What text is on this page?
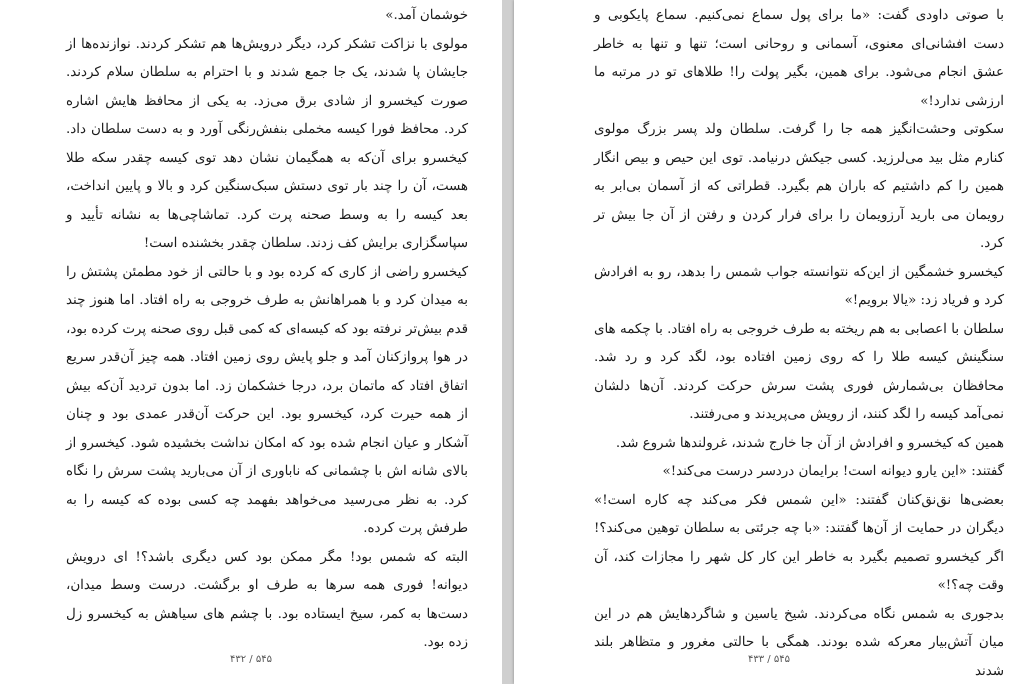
خوشمان آمد.»

مولوی با نزاکت تشکر کرد، دیگر درویش‌ها هم تشکر کردند. نوازنده‌ها از جایشان پا شدند، یک جا جمع شدند و با احترام به سلطان سلام کردند. صورت کیخسرو از شادی برق می‌زد. به یکی از محافظ هایش اشاره کرد. محافظ فورا کیسه مخملی بنفش‌رنگی آورد و به دست سلطان داد. کیخسرو برای آن‌که به همگیمان نشان دهد توی کیسه چقدر سکه طلا هست، آن را چند بار توی دستش سبک‌سنگین کرد و بالا و پایین انداخت، بعد کیسه را به وسط صحنه پرت کرد. تماشاچی‌ها به نشانه تأیید و سپاسگزاری برایش کف زدند. سلطان چقدر بخشنده است!

کیخسرو راضی از کاری که کرده بود و با حالتی از خود مطمئن پشتش را به میدان کرد و با همراهانش به طرف خروجی به راه افتاد. اما هنوز چند قدم بیش‌تر نرفته بود که کیسه‌ای که کمی قبل روی صحنه پرت کرده بود، در هوا پروازکنان آمد و جلو پایش روی زمین افتاد. همه چیز آن‌قدر سریع اتفاق افتاد که ماتمان برد، درجا خشکمان زد. اما بدون تردید آن‌که بیش از همه حیرت کرد، کیخسرو بود. این حرکت آن‌قدر عمدی بود و چنان آشکار و عیان انجام شده بود که امکان نداشت بخشیده شود. کیخسرو از بالای شانه اش با چشمانی که ناباوری از آن می‌بارید پشت سرش را نگاه کرد. به نظر می‌رسید می‌خواهد بفهمد چه کسی بوده که کیسه را به طرفش پرت کرده.

البته که شمس بود! مگر ممکن بود کس دیگری باشد؟! ای درویش دیوانه! فوری همه سرها به طرف او برگشت. درست وسط میدان، دست‌ها به کمر، سیخ ایستاده بود. با چشم های سیاهش به کیخسرو زل زده بود.

۵۴۵ / ۴۳۲

با صوتی داودی گفت: «ما برای پول سماع نمی‌کنیم. سماع پایکوبی و دست افشانی‌ای معنوی، آسمانی و روحانی است؛ تنها و تنها به خاطر عشق انجام می‌شود. برای همین، بگیر پولت را! طلاهای تو در مرتبه ما ارزشی ندارد!»

سکوتی وحشت‌انگیز همه جا را گرفت. سلطان ولد پسر بزرگ مولوی کنارم مثل بید می‌لرزید. کسی جیکش درنیامد. توی این حیص و بیص انگار همین را کم داشتیم که باران هم بگیرد. قطراتی که از آسمان بی‌ابر به رویمان می بارید آرزویمان را برای فرار کردن و رفتن از آن جا بیش تر کرد.

کیخسرو خشمگین از این‌که نتوانسته جواب شمس را بدهد، رو به افرادش کرد و فریاد زد: «یالا برویم!»

سلطان با اعصابی به هم ریخته به طرف خروجی به راه افتاد. با چکمه های سنگینش کیسه طلا را که روی زمین افتاده بود، لگد کرد و رد شد. محافظان بی‌شمارش فوری پشت سرش حرکت کردند. آن‌ها دلشان نمی‌آمد کیسه را لگد کنند، از رویش می‌پریدند و می‌رفتند.

همین که کیخسرو و افرادش از آن جا خارج شدند، غرولندها شروع شد.

گفتند: «این یارو دیوانه است! برایمان دردسر درست می‌کند!»

بعضی‌ها نق‌نق‌کنان گفتند: «این شمس فکر می‌کند چه کاره است!» دیگران در حمایت از آن‌ها گفتند: «با چه جرئتی به سلطان توهین می‌کند؟! اگر کیخسرو تصمیم بگیرد به خاطر این کار کل شهر را مجازات کند، آن وقت چه؟!»

بدجوری به شمس نگاه می‌کردند. شیخ یاسین و شاگردهایش هم در این میان آتش‌بیار معرکه شده بودند. همگی با حالتی مغرور و متظاهر بلند شدند

۵۴۵ / ۴۳۳
